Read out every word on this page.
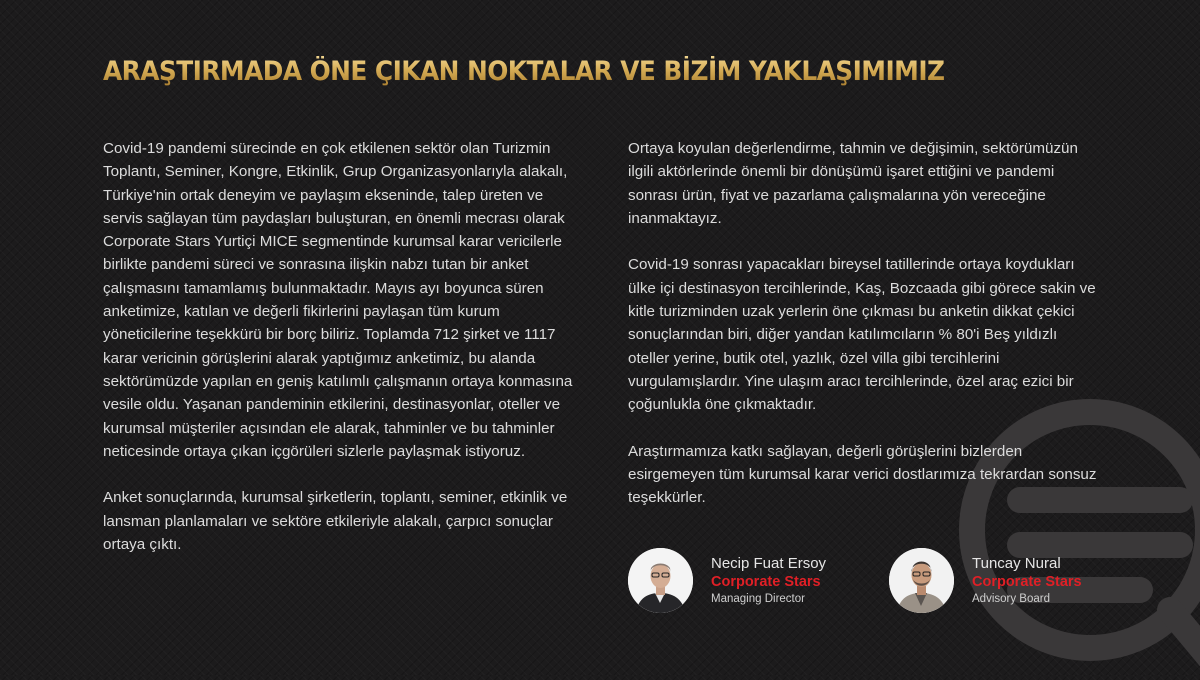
ARAŞTIRMADA ÖNE ÇIKAN NOKTALAR VE BİZİM YAKLAŞIMIMIZ

Covid-19 pandemi sürecinde en çok etkilenen sektör olan Turizmin Toplantı, Seminer, Kongre, Etkinlik, Grup Organizasyonlarıyla alakalı, Türkiye'nin ortak deneyim ve paylaşım ekseninde, talep üreten ve servis sağlayan tüm paydaşları buluşturan, en önemli mecrası olarak Corporate Stars Yurtiçi MICE segmentinde kurumsal karar vericilerle birlikte pandemi süreci ve sonrasına ilişkin nabzı tutan bir anket çalışmasını tamamlamış bulunmaktadır. Mayıs ayı boyunca süren anketimize, katılan ve değerli fikirlerini paylaşan tüm kurum yöneticilerine teşekkürü bir borç biliriz. Toplamda 712 şirket ve 1117 karar vericinin görüşlerini alarak yaptığımız anketimiz, bu alanda sektörümüzde yapılan en geniş katılımlı çalışmanın ortaya konmasına vesile oldu. Yaşanan pandeminin etkilerini, destinasyonlar, oteller ve kurumsal müşteriler açısından ele alarak, tahminler ve bu tahminler neticesinde ortaya çıkan içgörüleri sizlerle paylaşmak istiyoruz.

Anket sonuçlarında, kurumsal şirketlerin, toplantı, seminer, etkinlik ve lansman planlamaları ve sektöre etkileriyle alakalı, çarpıcı sonuçlar ortaya çıktı.

Ortaya koyulan değerlendirme, tahmin ve değişimin, sektörümüzün ilgili aktörlerinde önemli bir dönüşümü işaret ettiğini ve pandemi sonrası ürün, fiyat ve pazarlama çalışmalarına yön vereceğine inanmaktayız.

Covid-19 sonrası yapacakları bireysel tatillerinde ortaya koydukları ülke içi destinasyon tercihlerinde, Kaş, Bozcaada gibi görece sakin ve kitle turizminden uzak yerlerin öne çıkması bu anketin dikkat çekici sonuçlarından biri, diğer yandan katılımcıların % 80'i Beş yıldızlı oteller yerine, butik otel, yazlık, özel villa gibi tercihlerini vurgulamışlardır. Yine ulaşım aracı tercihlerinde, özel araç ezici bir çoğunlukla öne çıkmaktadır.

Araştırmamıza katkı sağlayan, değerli görüşlerini bizlerden esirgemeyen tüm kurumsal karar verici dostlarımıza tekrardan sonsuz teşekkürler.

Necip Fuat Ersoy
Corporate Stars
Managing Director
Tuncay Nural
Corporate Stars
Advisory Board
